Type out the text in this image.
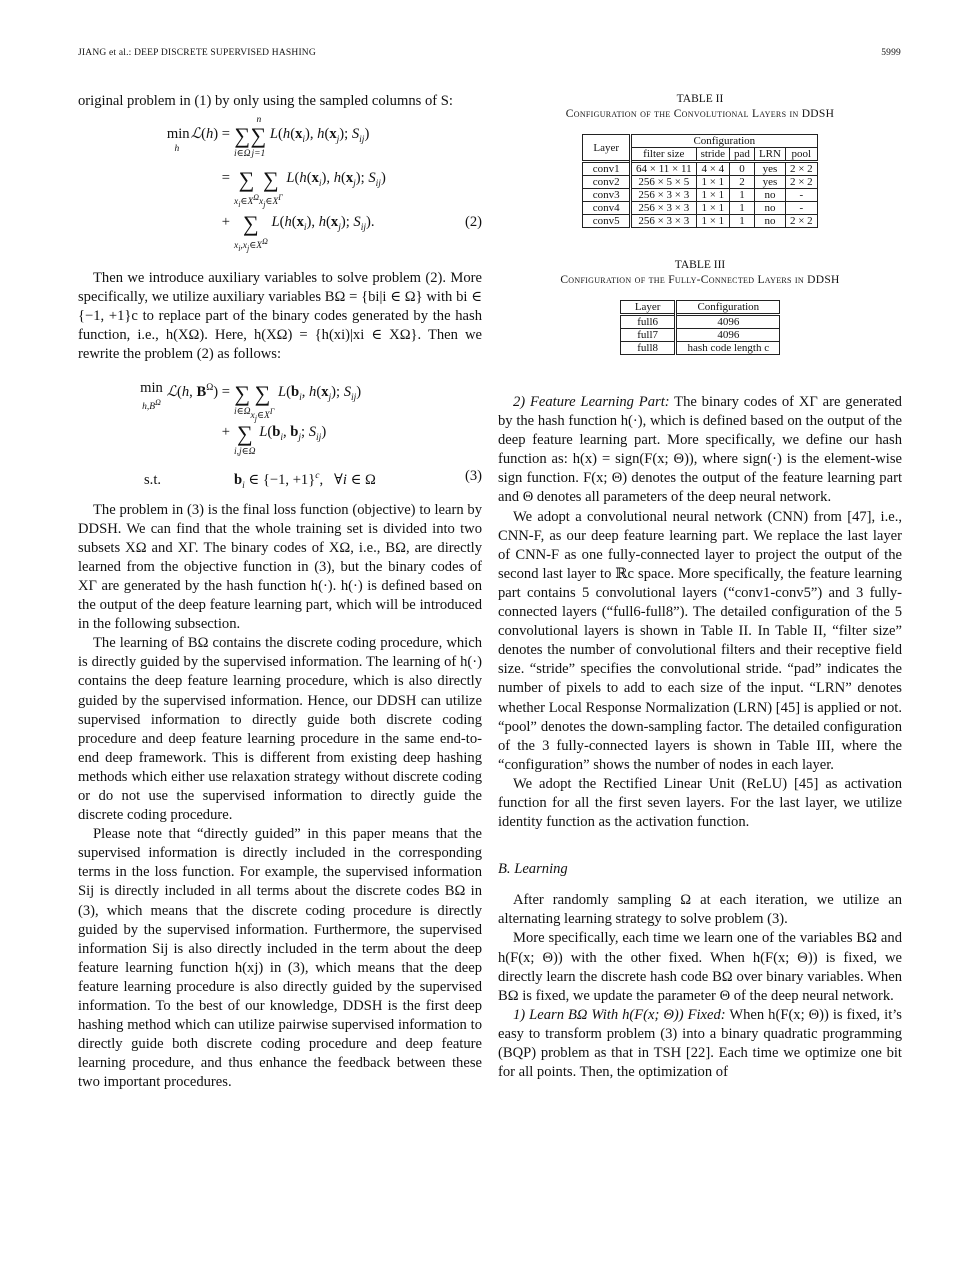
JIANG et al.: DEEP DISCRETE SUPERVISED HASHING	5999

original problem in (1) by only using the sampled columns of S:

min
h
ℒ(h) = ∑
i∈Ω
n
∑
j=1
$L(h(x_i)$, $h(x_j)$; $S_{ij}$)
= ∑
$x_i\in X^\Omega$
∑
$x_j\in X^\Gamma$
$L(h(x_i)$, $h(x_j)$; $S_{ij}$)
+ ∑
$x_i,x_j\in X^\Omega$
$L(h(x_i)$, $h(x_j)$; $S_{ij}$).	(2)

Then we introduce auxiliary variables to solve problem (2). More specifically, we utilize auxiliary variables BΩ = {bi|i ∈ Ω} with bi ∈ {−1, +1}c to replace part of the binary codes generated by the hash function, i.e., h(XΩ). Here, h(XΩ) = {h(xi)|xi ∈ XΩ}. Then we rewrite the problem (2) as follows:

min
$h,B^\Omega$
ℒ(h, $B^\Omega$) = ∑
i∈Ω
∑
$x_j\in X^\Gamma$
$L(b_i$, $h(x_j)$; $S_{ij}$)
+ ∑
i,j∈Ω
$L(b_i$, $b_j$; $S_{ij}$)
s.t.	$b_i$ ∈ {−1, +1}$^c$,   ∀i ∈ Ω	(3)

The problem in (3) is the final loss function (objective) to learn by DDSH. We can find that the whole training set is divided into two subsets XΩ and XΓ. The binary codes of XΩ, i.e., BΩ, are directly learned from the objective function in (3), but the binary codes of XΓ are generated by the hash function h(·). h(·) is defined based on the output of the deep feature learning part, which will be introduced in the following subsection.

The learning of BΩ contains the discrete coding procedure, which is directly guided by the supervised information. The learning of h(·) contains the deep feature learning procedure, which is also directly guided by the supervised information. Hence, our DDSH can utilize supervised information to directly guide both discrete coding procedure and deep feature learning procedure in the same end-to-end deep framework. This is different from existing deep hashing methods which either use relaxation strategy without discrete coding or do not use the supervised information to directly guide the discrete coding procedure.

Please note that “directly guided” in this paper means that the supervised information is directly included in the corresponding terms in the loss function. For example, the supervised information Sij is directly included in all terms about the discrete codes BΩ in (3), which means that the discrete coding procedure is directly guided by the supervised information. Furthermore, the supervised information Sij is also directly included in the term about the deep feature learning function h(xj) in (3), which means that the deep feature learning procedure is also directly guided by the supervised information. To the best of our knowledge, DDSH is the first deep hashing method which can utilize pairwise supervised information to directly guide both discrete coding procedure and deep feature learning procedure, and thus enhance the feedback between these two important procedures.

TABLE II
Configuration of the Convolutional Layers in DDSH
Layer	Configuration				
	filter size	stride	pad	LRN	pool
conv1	64 × 11 × 11	4 × 4	0	yes	2 × 2
conv2	256 × 5 × 5	1 × 1	2	yes	2 × 2
conv3	256 × 3 × 3	1 × 1	1	no	-
conv4	256 × 3 × 3	1 × 1	1	no	-
conv5	256 × 3 × 3	1 × 1	1	no	2 × 2
TABLE III
Configuration of the Fully-Connected Layers in DDSH
Layer	Configuration
full6	4096
full7	4096
full8	hash code length c

2) Feature Learning Part: The binary codes of XΓ are generated by the hash function h(·), which is defined based on the output of the deep feature learning part. More specifically, we define our hash function as: h(x) = sign(F(x; Θ)), where sign(·) is the element-wise sign function. F(x; Θ) denotes the output of the feature learning part and Θ denotes all parameters of the deep neural network.

We adopt a convolutional neural network (CNN) from [47], i.e., CNN-F, as our deep feature learning part. We replace the last layer of CNN-F as one fully-connected layer to project the output of the second last layer to ℝc space. More specifically, the feature learning part contains 5 convolutional layers (“conv1-conv5”) and 3 fully-connected layers (“full6-full8”). The detailed configuration of the 5 convolutional layers is shown in Table II. In Table II, “filter size” denotes the number of convolutional filters and their receptive field size. “stride” specifies the convolutional stride. “pad” indicates the number of pixels to add to each size of the input. “LRN” denotes whether Local Response Normalization (LRN) [45] is applied or not. “pool” denotes the down-sampling factor. The detailed configuration of the 3 fully-connected layers is shown in Table III, where the “configuration” shows the number of nodes in each layer.

We adopt the Rectified Linear Unit (ReLU) [45] as activation function for all the first seven layers. For the last layer, we utilize identity function as the activation function.

B. Learning

After randomly sampling Ω at each iteration, we utilize an alternating learning strategy to solve problem (3).

More specifically, each time we learn one of the variables BΩ and h(F(x; Θ)) with the other fixed. When h(F(x; Θ)) is fixed, we directly learn the discrete hash code BΩ over binary variables. When BΩ is fixed, we update the parameter Θ of the deep neural network.

1) Learn BΩ With h(F(x; Θ)) Fixed: When h(F(x; Θ)) is fixed, it’s easy to transform problem (3) into a binary quadratic programming (BQP) problem as that in TSH [22]. Each time we optimize one bit for all points. Then, the optimization of
